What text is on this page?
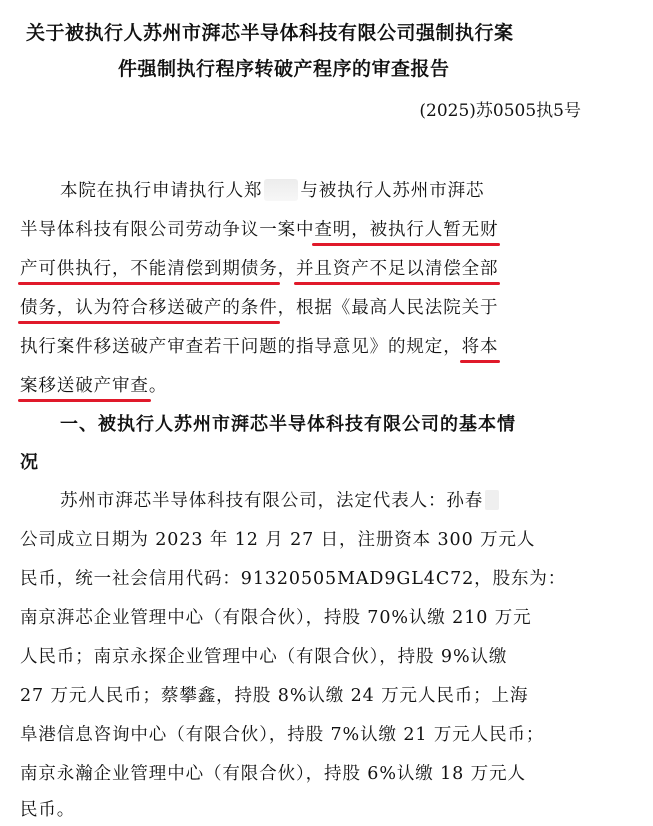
关于被执行人苏州市湃芯半导体科技有限公司强制执行案
件强制执行程序转破产程序的审查报告
(2025)苏0505执5号
本院在执行申请执行人郑 与被执行人苏州市湃芯
半导体科技有限公司劳动争议一案中查明，被执行人暂无财
产可供执行，不能清偿到期债务，并且资产不足以清偿全部
债务，认为符合移送破产的条件，根据《最高人民法院关于
执行案件移送破产审查若干问题的指导意见》的规定，将本
案移送破产审查。
一、被执行人苏州市湃芯半导体科技有限公司的基本情
况
苏州市湃芯半导体科技有限公司，法定代表人：孙春
公司成立日期为 2023 年 12 月 27 日，注册资本 300 万元人
民币，统一社会信用代码：91320505MAD9GL4C72，股东为：
南京湃芯企业管理中心（有限合伙），持股 70%认缴 210 万元
人民币；南京永探企业管理中心（有限合伙），持股 9%认缴
27 万元人民币；蔡攀鑫，持股 8%认缴 24 万元人民币；上海
阜港信息咨询中心（有限合伙），持股 7%认缴 21 万元人民币；
南京永瀚企业管理中心（有限合伙），持股 6%认缴 18 万元人
民币。
